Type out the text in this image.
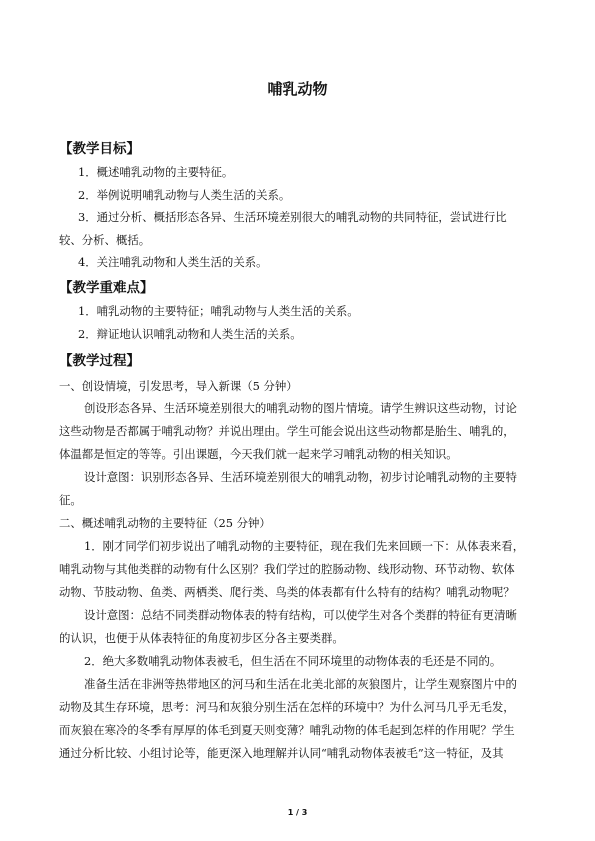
哺乳动物
【教学目标】
1．概述哺乳动物的主要特征。
2．举例说明哺乳动物与人类生活的关系。
3．通过分析、概括形态各异、生活环境差别很大的哺乳动物的共同特征，尝试进行比
较、分析、概括。
4．关注哺乳动物和人类生活的关系。
【教学重难点】
1．哺乳动物的主要特征；哺乳动物与人类生活的关系。
2．辩证地认识哺乳动物和人类生活的关系。
【教学过程】
一、创设情境，引发思考，导入新课（5 分钟）
创设形态各异、生活环境差别很大的哺乳动物的图片情境。请学生辨识这些动物，讨论
这些动物是否都属于哺乳动物？并说出理由。学生可能会说出这些动物都是胎生、哺乳的，
体温都是恒定的等等。引出课题，今天我们就一起来学习哺乳动物的相关知识。
设计意图：识别形态各异、生活环境差别很大的哺乳动物，初步讨论哺乳动物的主要特
征。
二、概述哺乳动物的主要特征（25 分钟）
1．刚才同学们初步说出了哺乳动物的主要特征，现在我们先来回顾一下：从体表来看，
哺乳动物与其他类群的动物有什么区别？我们学过的腔肠动物、线形动物、环节动物、软体
动物、节肢动物、鱼类、两栖类、爬行类、鸟类的体表都有什么特有的结构？哺乳动物呢？
设计意图：总结不同类群动物体表的特有结构，可以使学生对各个类群的特征有更清晰
的认识，也便于从体表特征的角度初步区分各主要类群。
2．绝大多数哺乳动物体表被毛，但生活在不同环境里的动物体表的毛还是不同的。
准备生活在非洲等热带地区的河马和生活在北美北部的灰狼图片，让学生观察图片中的
动物及其生存环境，思考：河马和灰狼分别生活在怎样的环境中？为什么河马几乎无毛发，
而灰狼在寒冷的冬季有厚厚的体毛到夏天则变薄？哺乳动物的体毛起到怎样的作用呢？学生
通过分析比较、小组讨论等，能更深入地理解并认同“哺乳动物体表被毛”这一特征，及其
1 / 3
